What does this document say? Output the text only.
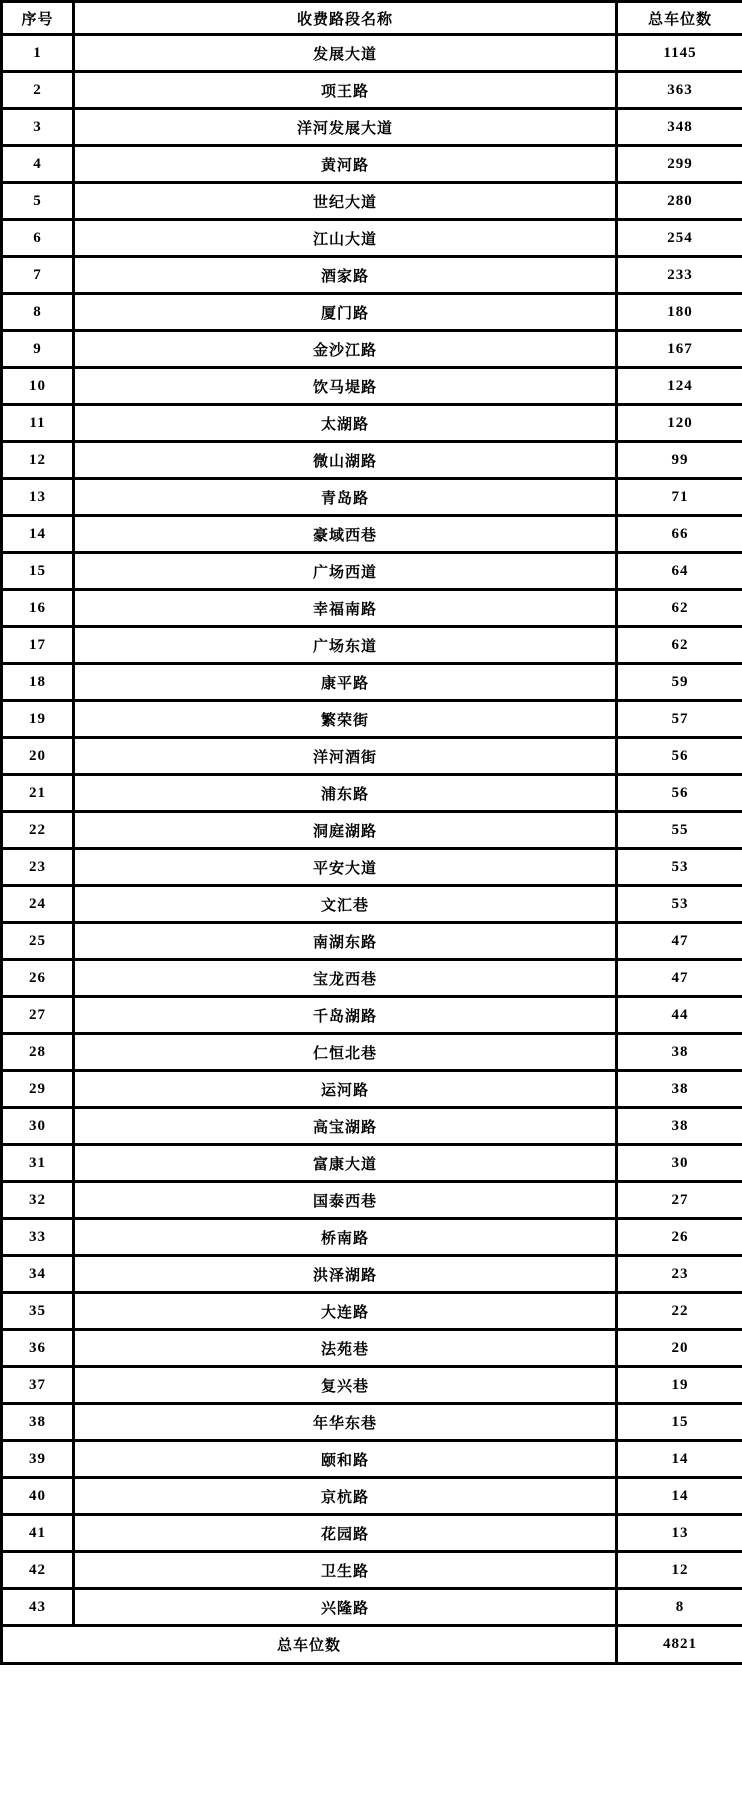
序号	收费路段名称	总车位数
1	发展大道	1145
2	项王路	363
3	洋河发展大道	348
4	黄河路	299
5	世纪大道	280
6	江山大道	254
7	酒家路	233
8	厦门路	180
9	金沙江路	167
10	饮马堤路	124
11	太湖路	120
12	微山湖路	99
13	青岛路	71
14	豪域西巷	66
15	广场西道	64
16	幸福南路	62
17	广场东道	62
18	康平路	59
19	繁荣街	57
20	洋河酒街	56
21	浦东路	56
22	洞庭湖路	55
23	平安大道	53
24	文汇巷	53
25	南湖东路	47
26	宝龙西巷	47
27	千岛湖路	44
28	仁恒北巷	38
29	运河路	38
30	高宝湖路	38
31	富康大道	30
32	国泰西巷	27
33	桥南路	26
34	洪泽湖路	23
35	大连路	22
36	法苑巷	20
37	复兴巷	19
38	年华东巷	15
39	颐和路	14
40	京杭路	14
41	花园路	13
42	卫生路	12
43	兴隆路	8
总车位数		4821
